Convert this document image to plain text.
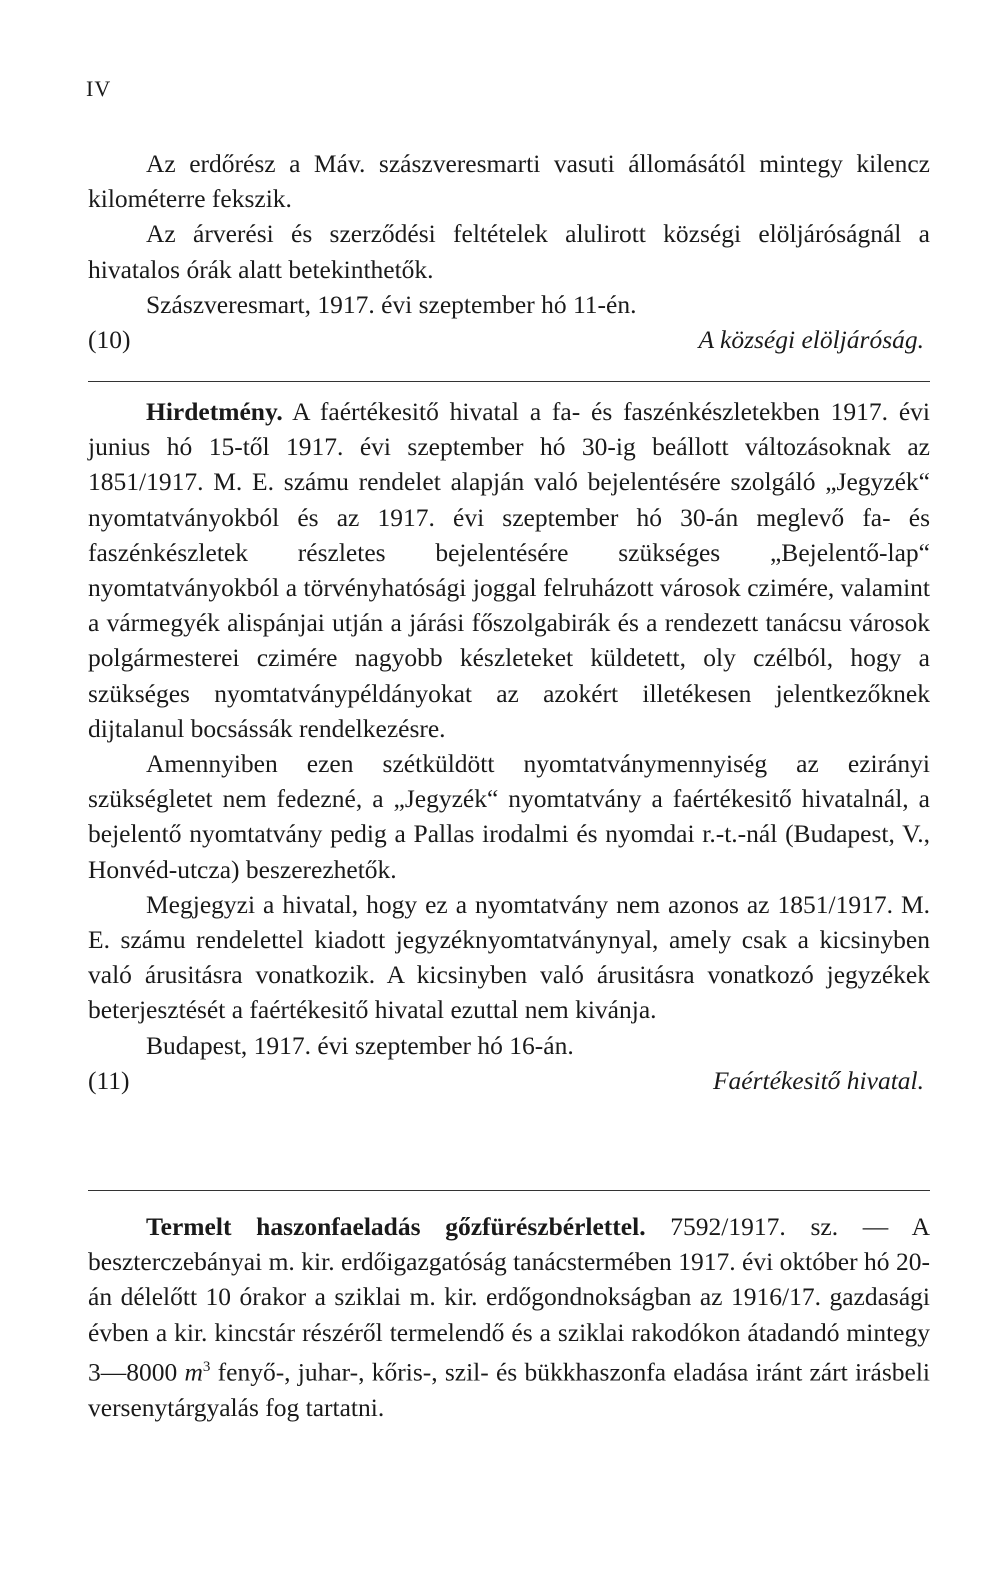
IV

Az erdőrész a Máv. szászveresmarti vasuti állomásától mintegy kilencz kilométerre fekszik.

Az árverési és szerződési feltételek alulirott községi elöljáróságnál a hivatalos órák alatt betekinthetők.

Szászveresmart, 1917. évi szeptember hó 11-én.

(10)	A községi elöljáróság.

Hirdetmény. A faértékesitő hivatal a fa- és faszénkészletekben 1917. évi junius hó 15-től 1917. évi szeptember hó 30-ig beállott változásoknak az 1851/1917. M. E. számu rendelet alapján való bejelentésére szolgáló „Jegyzék“ nyomtatványokból és az 1917. évi szeptember hó 30-án meglevő fa- és faszénkészletek részletes bejelentésére szükséges „Bejelentő-lap“ nyomtatványokból a törvényhatósági joggal felruházott városok czimére, valamint a vármegyék alispánjai utján a járási főszolgabirák és a rendezett tanácsu városok polgármesterei czimére nagyobb készleteket küldetett, oly czélból, hogy a szükséges nyomtatványpéldányokat az azokért illetékesen jelentkezőknek dijtalanul bocsássák rendelkezésre.

Amennyiben ezen szétküldött nyomtatványmennyiség az ezirányi szükségletet nem fedezné, a „Jegyzék“ nyomtatvány a faértékesitő hivatalnál, a bejelentő nyomtatvány pedig a Pallas irodalmi és nyomdai r.-t.-nál (Budapest, V., Honvéd-utcza) beszerezhetők.

Megjegyzi a hivatal, hogy ez a nyomtatvány nem azonos az 1851/1917. M. E. számu rendelettel kiadott jegyzéknyomtatványnyal, amely csak a kicsinyben való árusitásra vonatkozik. A kicsinyben való árusitásra vonatkozó jegyzékek beterjesztését a faértékesitő hivatal ezuttal nem kivánja.

Budapest, 1917. évi szeptember hó 16-án.

(11)	Faértékesitő hivatal.

Termelt haszonfaeladás gőzfürészbérlettel. 7592/1917. sz. — A beszterczebányai m. kir. erdőigazgatóság tanácstermében 1917. évi október hó 20-án délelőtt 10 órakor a sziklai m. kir. erdőgondnokságban az 1916/17. gazdasági évben a kir. kincstár részéről termelendő és a sziklai rakodókon átadandó mintegy 3—8000 $m^3$ fenyő-, juhar-, kőris-, szil- és bükkhaszonfa eladása iránt zárt irásbeli versenytárgyalás fog tartatni.
